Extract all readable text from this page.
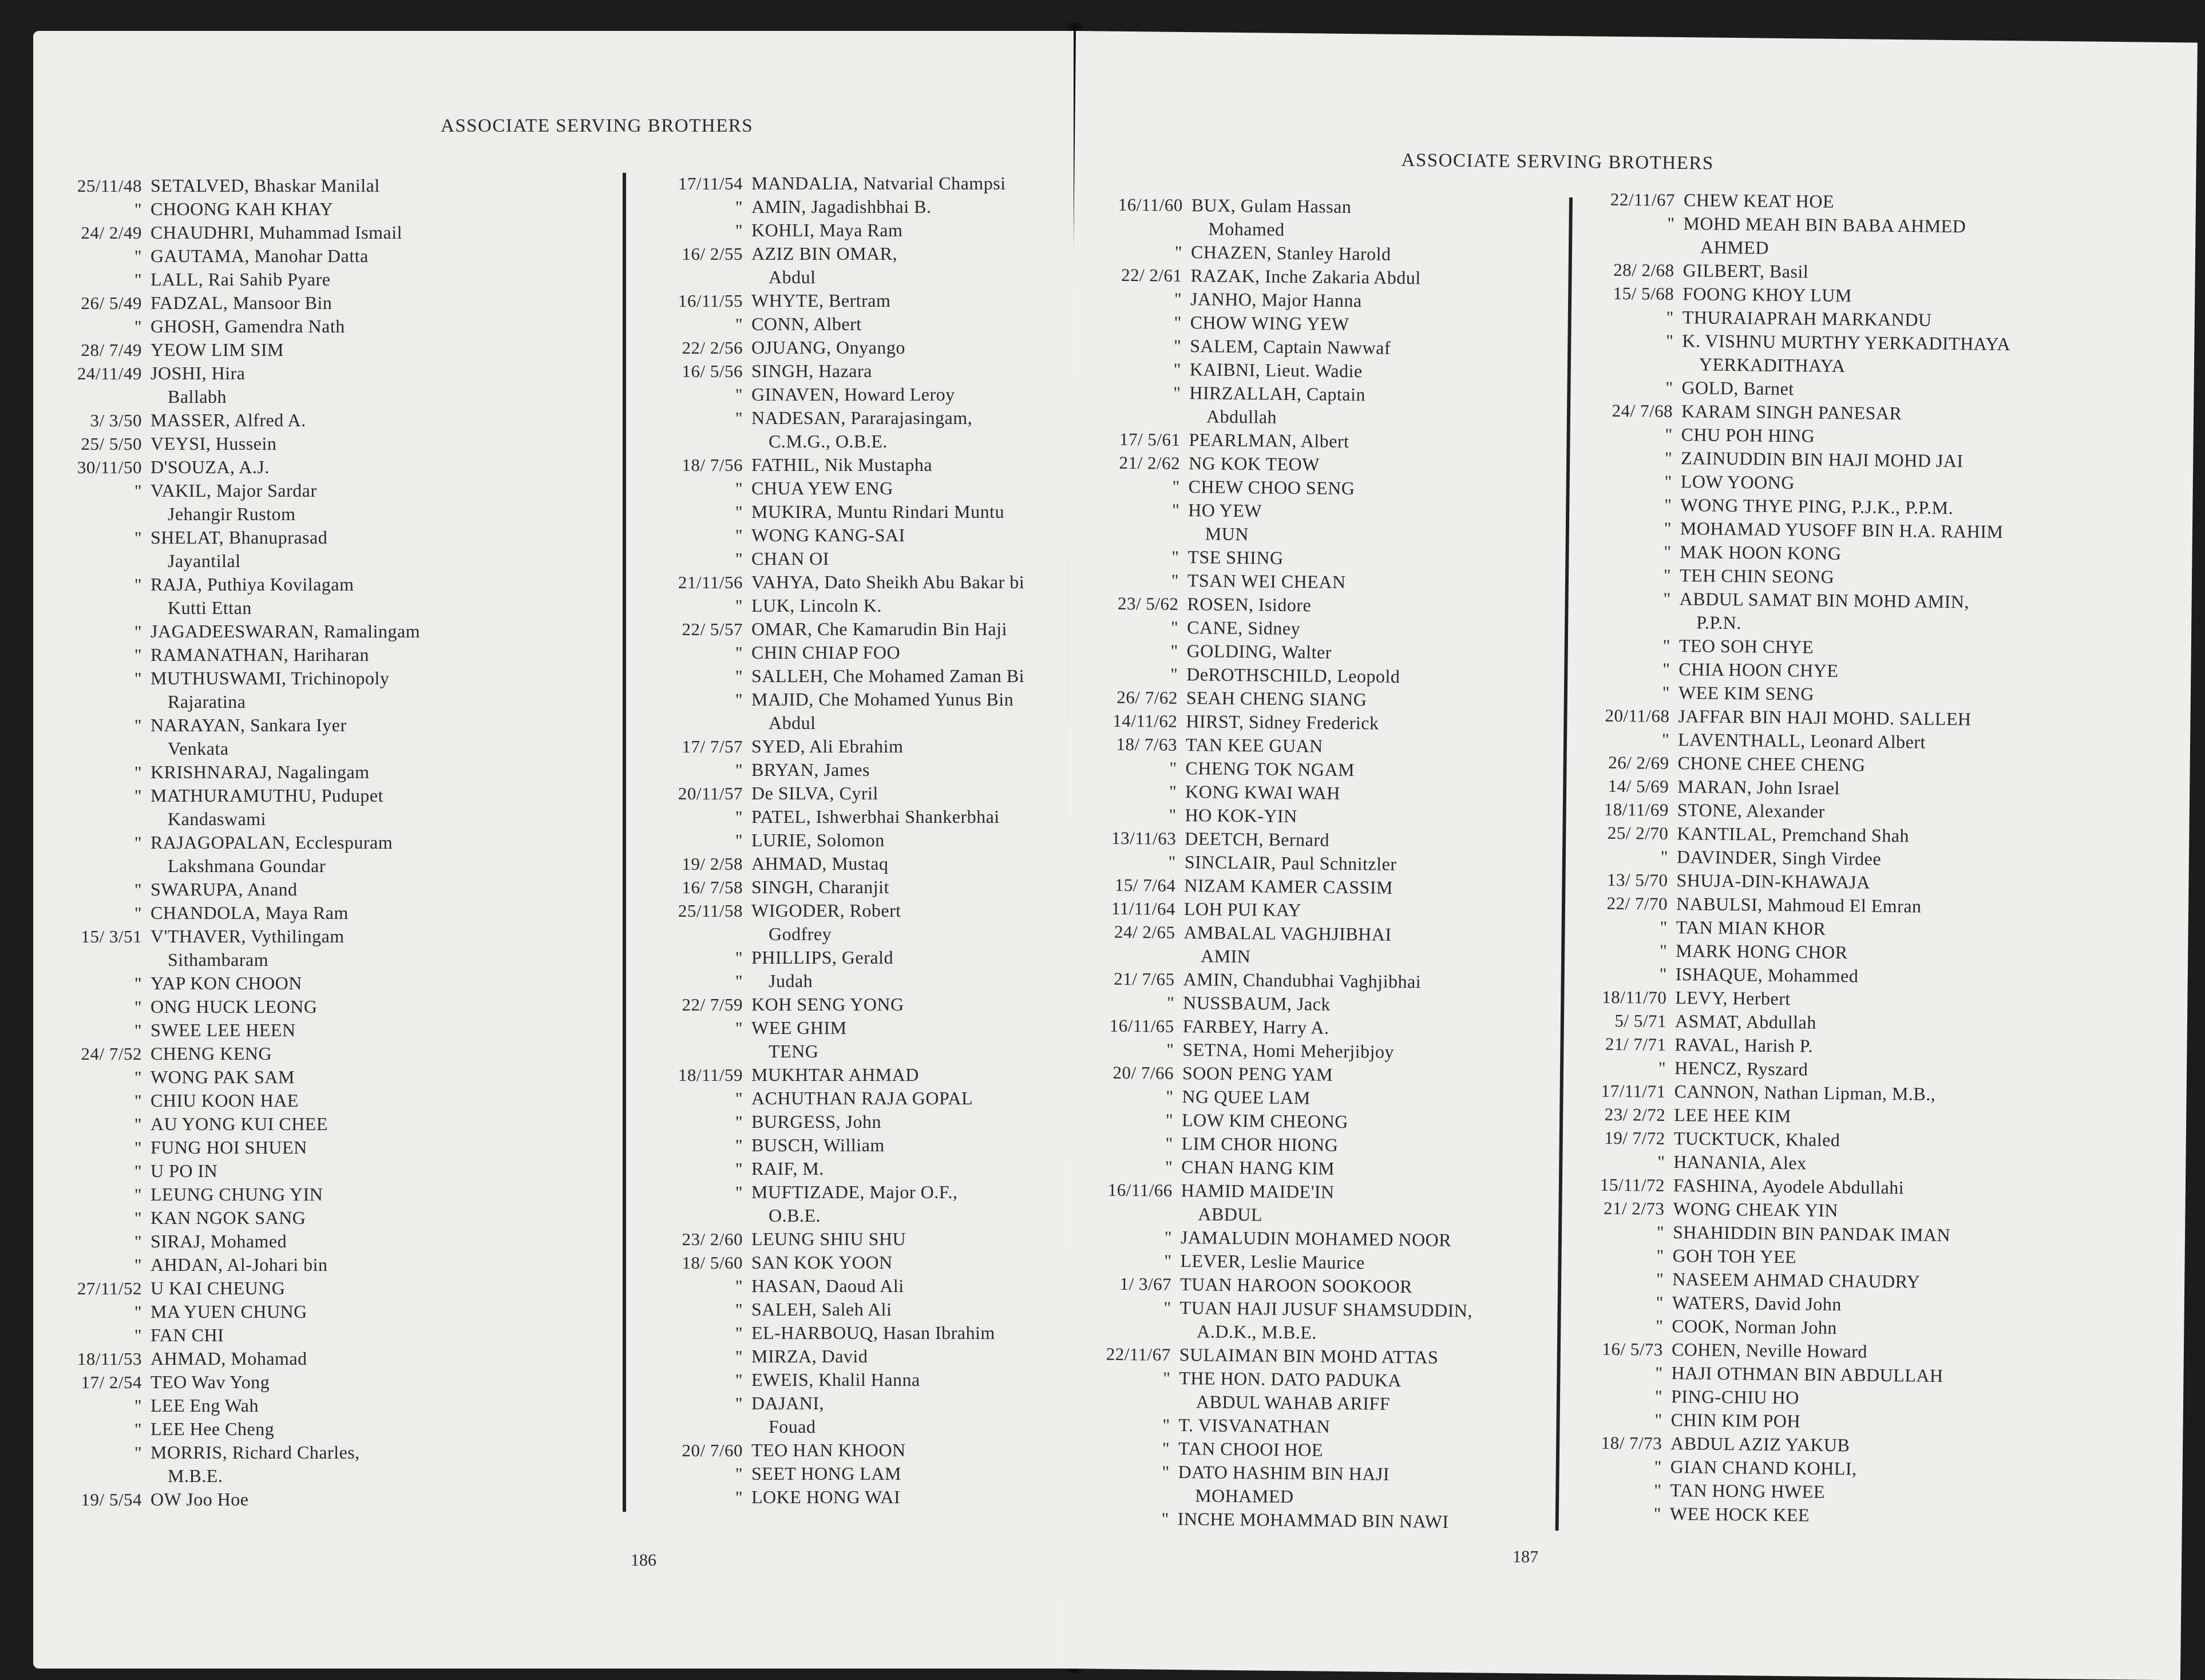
ASSOCIATE SERVING BROTHERS
25/11/48 SETALVED, Bhaskar Manilal
" CHOONG KAH KHAY
24/ 2/49 CHAUDHRI, Muhammad Ismail
" GAUTAMA, Manohar Datta
" LALL, Rai Sahib Pyare
26/ 5/49 FADZAL, Mansoor Bin
" GHOSH, Gamendra Nath
28/ 7/49 YEOW LIM SIM
24/11/49 JOSHI, Hira
Ballabh
3/ 3/50 MASSER, Alfred A.
25/ 5/50 VEYSI, Hussein
30/11/50 D'SOUZA, A.J.
" VAKIL, Major Sardar
Jehangir Rustom
" SHELAT, Bhanuprasad
Jayantilal
" RAJA, Puthiya Kovilagam
Kutti Ettan
" JAGADEESWARAN, Ramalingam
" RAMANATHAN, Hariharan
" MUTHUSWAMI, Trichinopoly
Rajaratina
" NARAYAN, Sankara Iyer
Venkata
" KRISHNARAJ, Nagalingam
" MATHURAMUTHU, Pudupet
Kandaswami
" RAJAGOPALAN, Ecclespuram
Lakshmana Goundar
" SWARUPA, Anand
" CHANDOLA, Maya Ram
15/ 3/51 V'THAVER, Vythilingam
Sithambaram
" YAP KON CHOON
" ONG HUCK LEONG
" SWEE LEE HEEN
24/ 7/52 CHENG KENG
" WONG PAK SAM
" CHIU KOON HAE
" AU YONG KUI CHEE
" FUNG HOI SHUEN
" U PO IN
" LEUNG CHUNG YIN
" KAN NGOK SANG
" SIRAJ, Mohamed
" AHDAN, Al-Johari bin
27/11/52 U KAI CHEUNG
" MA YUEN CHUNG
" FAN CHI
18/11/53 AHMAD, Mohamad
17/ 2/54 TEO Wav Yong
" LEE Eng Wah
" LEE Hee Cheng
" MORRIS, Richard Charles,
M.B.E.
19/ 5/54 OW Joo Hoe
17/11/54 MANDALIA, Natvarial Champsi
" AMIN, Jagadishbhai B.
" KOHLI, Maya Ram
16/ 2/55 AZIZ BIN OMAR,
Abdul
16/11/55 WHYTE, Bertram
" CONN, Albert
22/ 2/56 OJUANG, Onyango
16/ 5/56 SINGH, Hazara
" GINAVEN, Howard Leroy
" NADESAN, Pararajasingam,
C.M.G., O.B.E.
18/ 7/56 FATHIL, Nik Mustapha
" CHUA YEW ENG
" MUKIRA, Muntu Rindari Muntu
" WONG KANG-SAI
" CHAN OI
21/11/56 VAHYA, Dato Sheikh Abu Bakar bi
" LUK, Lincoln K.
22/ 5/57 OMAR, Che Kamarudin Bin Haji
" CHIN CHIAP FOO
" SALLEH, Che Mohamed Zaman Bi
" MAJID, Che Mohamed Yunus Bin
Abdul
17/ 7/57 SYED, Ali Ebrahim
" BRYAN, James
20/11/57 De SILVA, Cyril
" PATEL, Ishwerbhai Shankerbhai
" LURIE, Solomon
19/ 2/58 AHMAD, Mustaq
16/ 7/58 SINGH, Charanjit
25/11/58 WIGODER, Robert
Godfrey
" PHILLIPS, Gerald
" Judah
22/ 7/59 KOH SENG YONG
" WEE GHIM
TENG
18/11/59 MUKHTAR AHMAD
" ACHUTHAN RAJA GOPAL
" BURGESS, John
" BUSCH, William
" RAIF, M.
" MUFTIZADE, Major O.F.,
O.B.E.
23/ 2/60 LEUNG SHIU SHU
18/ 5/60 SAN KOK YOON
" HASAN, Daoud Ali
" SALEH, Saleh Ali
" EL-HARBOUQ, Hasan Ibrahim
" MIRZA, David
" EWEIS, Khalil Hanna
" DAJANI,
Fouad
20/ 7/60 TEO HAN KHOON
" SEET HONG LAM
" LOKE HONG WAI
186
ASSOCIATE SERVING BROTHERS
16/11/60 BUX, Gulam Hassan
Mohamed
" CHAZEN, Stanley Harold
22/ 2/61 RAZAK, Inche Zakaria Abdul
" JANHO, Major Hanna
" CHOW WING YEW
" SALEM, Captain Nawwaf
" KAIBNI, Lieut. Wadie
" HIRZALLAH, Captain
Abdullah
17/ 5/61 PEARLMAN, Albert
21/ 2/62 NG KOK TEOW
" CHEW CHOO SENG
" HO YEW
MUN
" TSE SHING
" TSAN WEI CHEAN
23/ 5/62 ROSEN, Isidore
" CANE, Sidney
" GOLDING, Walter
" DeROTHSCHILD, Leopold
26/ 7/62 SEAH CHENG SIANG
14/11/62 HIRST, Sidney Frederick
18/ 7/63 TAN KEE GUAN
" CHENG TOK NGAM
" KONG KWAI WAH
" HO KOK-YIN
13/11/63 DEETCH, Bernard
" SINCLAIR, Paul Schnitzler
15/ 7/64 NIZAM KAMER CASSIM
11/11/64 LOH PUI KAY
24/ 2/65 AMBALAL VAGHJIBHAI
AMIN
21/ 7/65 AMIN, Chandubhai Vaghjibhai
" NUSSBAUM, Jack
16/11/65 FARBEY, Harry A.
" SETNA, Homi Meherjibjoy
20/ 7/66 SOON PENG YAM
" NG QUEE LAM
" LOW KIM CHEONG
" LIM CHOR HIONG
" CHAN HANG KIM
16/11/66 HAMID MAIDE'IN
ABDUL
" JAMALUDIN MOHAMED NOOR
" LEVER, Leslie Maurice
1/ 3/67 TUAN HAROON SOOKOOR
" TUAN HAJI JUSUF SHAMSUDDIN,
A.D.K., M.B.E.
22/11/67 SULAIMAN BIN MOHD ATTAS
" THE HON. DATO PADUKA
ABDUL WAHAB ARIFF
" T. VISVANATHAN
" TAN CHOOI HOE
" DATO HASHIM BIN HAJI
MOHAMED
" INCHE MOHAMMAD BIN NAWI
22/11/67 CHEW KEAT HOE
" MOHD MEAH BIN BABA AHMED
AHMED
28/ 2/68 GILBERT, Basil
15/ 5/68 FOONG KHOY LUM
" THURAIAPRAH MARKANDU
" K. VISHNU MURTHY YERKADITHAYA
YERKADITHAYA
" GOLD, Barnet
24/ 7/68 KARAM SINGH PANESAR
" CHU POH HING
" ZAINUDDIN BIN HAJI MOHD JAI
" LOW YOONG
" WONG THYE PING, P.J.K., P.P.M.
" MOHAMAD YUSOFF BIN H.A. RAHIM
" MAK HOON KONG
" TEH CHIN SEONG
" ABDUL SAMAT BIN MOHD AMIN,
P.P.N.
" TEO SOH CHYE
" CHIA HOON CHYE
" WEE KIM SENG
20/11/68 JAFFAR BIN HAJI MOHD. SALLEH
" LAVENTHALL, Leonard Albert
26/ 2/69 CHONE CHEE CHENG
14/ 5/69 MARAN, John Israel
18/11/69 STONE, Alexander
25/ 2/70 KANTILAL, Premchand Shah
" DAVINDER, Singh Virdee
13/ 5/70 SHUJA-DIN-KHAWAJA
22/ 7/70 NABULSI, Mahmoud El Emran
" TAN MIAN KHOR
" MARK HONG CHOR
" ISHAQUE, Mohammed
18/11/70 LEVY, Herbert
5/ 5/71 ASMAT, Abdullah
21/ 7/71 RAVAL, Harish P.
" HENCZ, Ryszard
17/11/71 CANNON, Nathan Lipman, M.B.,
23/ 2/72 LEE HEE KIM
19/ 7/72 TUCKTUCK, Khaled
" HANANIA, Alex
15/11/72 FASHINA, Ayodele Abdullahi
21/ 2/73 WONG CHEAK YIN
" SHAHIDDIN BIN PANDAK IMAN
" GOH TOH YEE
" NASEEM AHMAD CHAUDRY
" WATERS, David John
" COOK, Norman John
16/ 5/73 COHEN, Neville Howard
" HAJI OTHMAN BIN ABDULLAH
" PING-CHIU HO
" CHIN KIM POH
18/ 7/73 ABDUL AZIZ YAKUB
" GIAN CHAND KOHLI,
" TAN HONG HWEE
" WEE HOCK KEE
187
